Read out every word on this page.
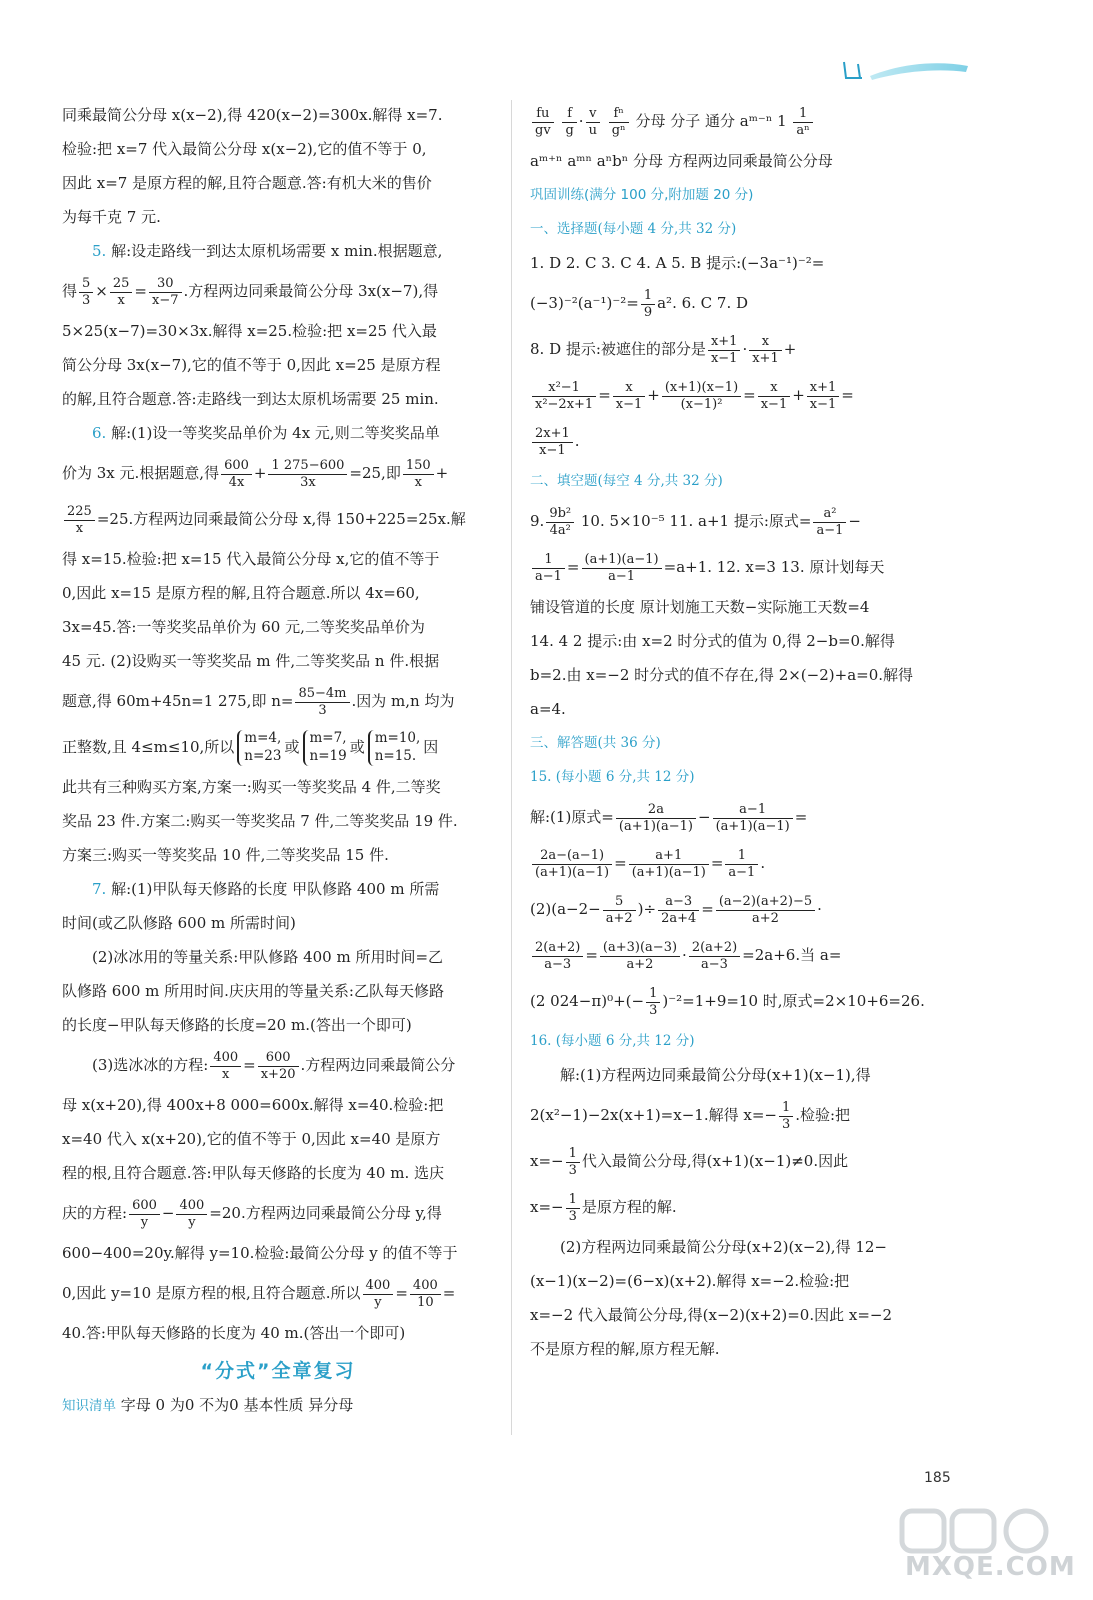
同乘最简公分母 x(x−2),得 420(x−2)=300x.解得 x=7.
检验:把 x=7 代入最简公分母 x(x−2),它的值不等于 0,
因此 x=7 是原方程的解,且符合题意.答:有机大米的售价
为每千克 7 元.
5. 解:设走路线一到达太原机场需要 x min.根据题意,
得 $\frac{5}{3} \times \frac{25}{x} = \frac{30}{x-7}$ .方程两边同乘最简公分母 3x(x−7),得
5×25(x−7)=30×3x.解得 x=25.检验:把 x=25 代入最
简公分母 3x(x−7),它的值不等于 0,因此 x=25 是原方程
的解,且符合题意.答:走路线一到达太原机场需要 25 min.
6. 解:(1)设一等奖奖品单价为 4x 元,则二等奖奖品单
价为 3x 元.根据题意,得 $\frac{600}{4x} + \frac{1 275-600}{3x} =25$,即 $\frac{150}{x}$ +
$\frac{225}{x} =25$.方程两边同乘最简公分母 x,得 150+225=25x.解
得 x=15.检验:把 x=15 代入最简公分母 x,它的值不等于
0,因此 x=15 是原方程的解,且符合题意.所以 4x=60,
3x=45.答:一等奖奖品单价为 60 元,二等奖奖品单价为
45 元. (2)设购买一等奖奖品 m 件,二等奖奖品 n 件.根据
题意,得 60m+45n=1 275,即 $n= \frac{85-4m}{3}$ .因为 m,n 均为
正整数,且 4≤m≤10,所以 m=4,
n=23 或 m=7,
n=19 或 m=10,
n=15. 因
此共有三种购买方案,方案一:购买一等奖奖品 4 件,二等奖
奖品 23 件.方案二:购买一等奖奖品 7 件,二等奖奖品 19 件.
方案三:购买一等奖奖品 10 件,二等奖奖品 15 件.
7. 解:(1)甲队每天修路的长度 甲队修路 400 m 所需
时间(或乙队修路 600 m 所需时间)
(2)冰冰用的等量关系:甲队修路 400 m 所用时间=乙
队修路 600 m 所用时间.庆庆用的等量关系:乙队每天修路
的长度−甲队每天修路的长度=20 m.(答出一个即可)
(3)选冰冰的方程: $\frac{400}{x} = \frac{600}{x+20}$ .方程两边同乘最简公分
母 x(x+20),得 400x+8 000=600x.解得 x=40.检验:把
x=40 代入 x(x+20),它的值不等于 0,因此 x=40 是原方
程的根,且符合题意.答:甲队每天修路的长度为 40 m. 选庆
庆的方程: $\frac{600}{y} - \frac{400}{y} =20$.方程两边同乘最简公分母 y,得
600−400=20y.解得 y=10.检验:最简公分母 y 的值不等于
0,因此 y=10 是原方程的根,且符合题意.所以 $\frac{400}{y} = \frac{400}{10}$ =
40.答:甲队每天修路的长度为 40 m.(答出一个即可)
“分式”全章复习
知识清单 字母 0 为0 不为0 基本性质 异分母
$\frac{fu}{gv}$
$\frac{f}{g} \cdot \frac{v}{u}$
$\frac{\text{fⁿ}}{\text{gⁿ}}$ 分母 分子 通分 aᵐ⁻ⁿ $1 \frac{1}{\text{aⁿ}}$
aᵐ⁺ⁿ aᵐⁿ aⁿbⁿ 分母 方程两边同乘最简公分母
巩固训练(满分 100 分,附加题 20 分)
一、选择题(每小题 4 分,共 32 分)
1. D 2. C 3. C 4. A 5. B 提示:(−3a⁻¹)⁻²=
$(-3)^{-2}(a^{-1})^{-2}= \frac{1}{9} a^2$. 6. C 7. D
8. D 提示:被遮住的部分是 $\frac{x+1}{x-1} \cdot \frac{x}{x+1}$ +
$\frac{\text{x²−1}}{\text{x²−2x+1}} = \frac{x}{x-1} + \frac{(x+1)(x-1)}{\text{(x−1)²}} = \frac{x}{x-1} + \frac{x+1}{x-1}$ =
$\frac{2x+1}{x-1}$ .
二、填空题(每空 4 分,共 32 分)
9. $\frac{\text{9b²}}{\text{4a²}} 10$. 5×10⁻⁵ 11. a+1 提示:原式= $\frac{\text{a²}}{a-1}$ −
$\frac{1}{a-1} = \frac{(a+1)(a-1)}{a-1} =a+1$. 12. x=3 13. 原计划每天
铺设管道的长度 原计划施工天数−实际施工天数=4
14. 4 2 提示:由 x=2 时分式的值为 0,得 2−b=0.解得
b=2.由 x=−2 时分式的值不存在,得 2×(−2)+a=0.解得
a=4.
三、解答题(共 36 分)
15. (每小题 6 分,共 12 分)
解:(1)原式= $\frac{2a}{(a+1)(a-1)} - \frac{a-1}{(a+1)(a-1)}$ =
$\frac{2a-(a-1)}{(a+1)(a-1)} = \frac{a+1}{(a+1)(a-1)} = \frac{1}{a-1}$ .
$(2)(a-2- \frac{5}{a+2}$ )÷ $\frac{a-3}{2a+4} = \frac{(a-2)(a+2)-5}{a+2}$ ·
$\frac{2(a+2)}{a-3} = \frac{(a+3)(a-3)}{a+2} \cdot \frac{2(a+2)}{a-3} =2a+6$.当 a=
(2 $024-\pi)^0+(- \frac{1}{3} )^{-2}=1+9=10$ 时,原式=2×10+6=26.
16. (每小题 6 分,共 12 分)
解:(1)方程两边同乘最简公分母(x+1)(x−1),得
2(x²−1)−2x(x+1)=x−1.解得 $x=- \frac{1}{3}$ .检验:把
$x=- \frac{1}{3}$ 代入最简公分母,得(x+1)(x−1)≠0.因此
$x=- \frac{1}{3}$ 是原方程的解.
(2)方程两边同乘最简公分母(x+2)(x−2),得 12−
(x−1)(x−2)=(6−x)(x+2).解得 x=−2.检验:把
x=−2 代入最简公分母,得(x−2)(x+2)=0.因此 x=−2
不是原方程的解,原方程无解.
185
MXQE.COM
